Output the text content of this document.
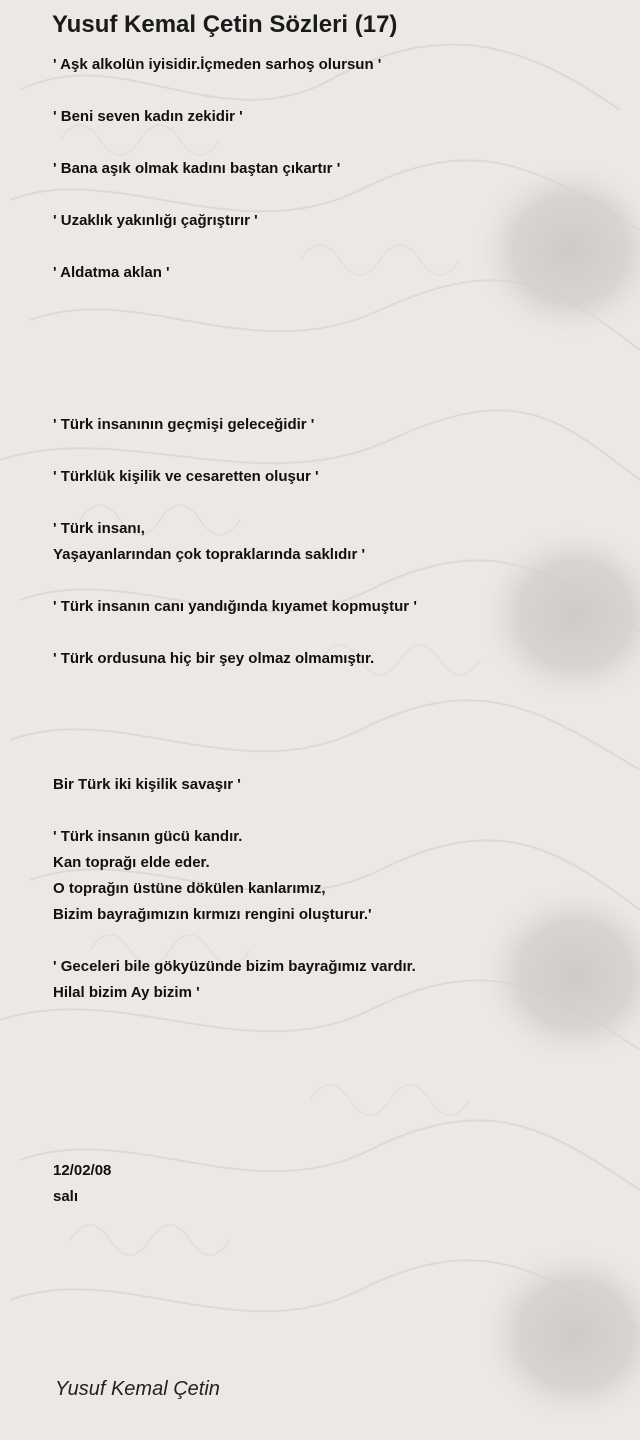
Yusuf Kemal Çetin Sözleri (17)
' Aşk alkolün iyisidir.İçmeden sarhoş olursun '
' Beni seven kadın zekidir '
' Bana aşık olmak kadını baştan çıkartır '
' Uzaklık yakınlığı çağrıştırır '
' Aldatma aklan '
' Türk insanının geçmişi geleceğidir '
' Türklük kişilik ve cesaretten oluşur '
' Türk insanı,
Yaşayanlarından çok topraklarında saklıdır '
' Türk insanın canı yandığında kıyamet kopmuştur '
' Türk ordusuna hiç bir şey olmaz olmamıştır.
Bir Türk iki kişilik savaşır '
' Türk insanın gücü kandır.
Kan toprağı elde eder.
O toprağın üstüne dökülen kanlarımız,
Bizim bayrağımızın kırmızı rengini oluşturur.'
' Geceleri bile gökyüzünde bizim bayrağımız vardır.
Hilal bizim Ay bizim '
12/02/08
salı
Yusuf Kemal Çetin
